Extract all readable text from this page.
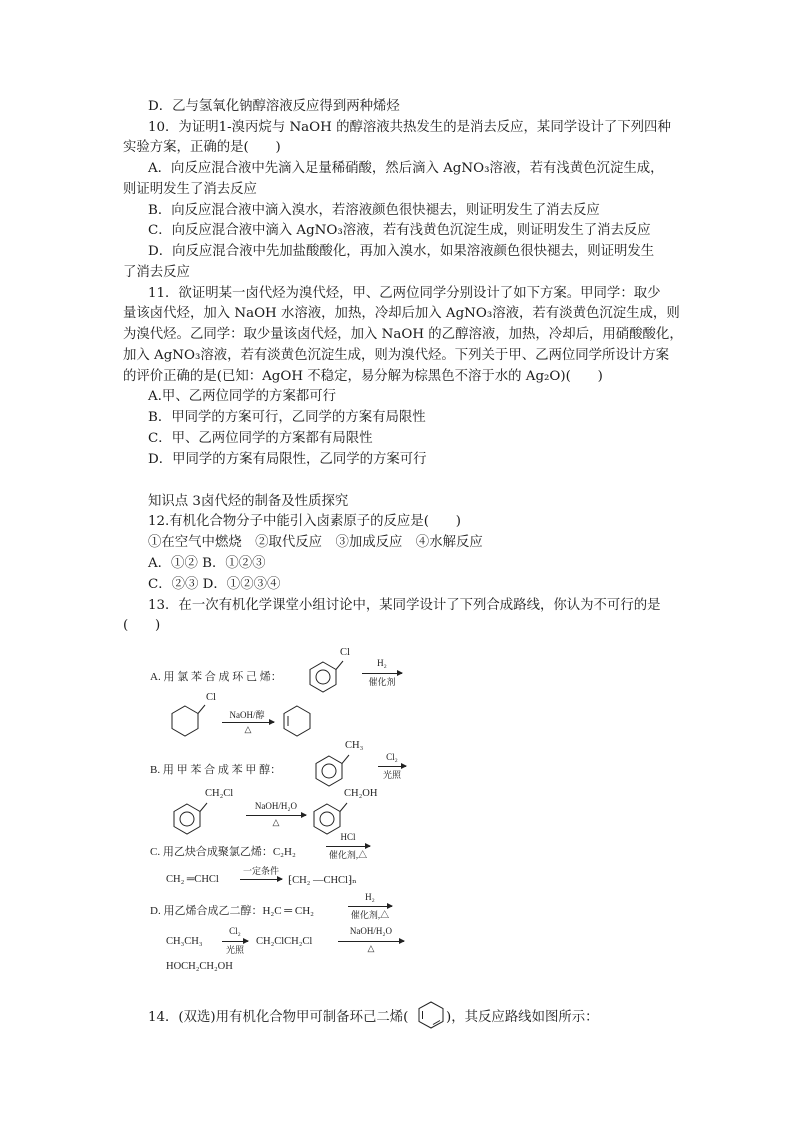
D．乙与氢氧化钠醇溶液反应得到两种烯烃
10．为证明1-溴丙烷与 NaOH 的醇溶液共热发生的是消去反应，某同学设计了下列四种
实验方案，正确的是(　　)
A．向反应混合液中先滴入足量稀硝酸，然后滴入 AgNO₃溶液，若有浅黄色沉淀生成，
则证明发生了消去反应
B．向反应混合液中滴入溴水，若溶液颜色很快褪去，则证明发生了消去反应
C．向反应混合液中滴入 AgNO₃溶液，若有浅黄色沉淀生成，则证明发生了消去反应
D．向反应混合液中先加盐酸酸化，再加入溴水，如果溶液颜色很快褪去，则证明发生
了消去反应
11．欲证明某一卤代烃为溴代烃，甲、乙两位同学分别设计了如下方案。甲同学：取少
量该卤代烃，加入 NaOH 水溶液，加热，冷却后加入 AgNO₃溶液，若有淡黄色沉淀生成，则
为溴代烃。乙同学：取少量该卤代烃，加入 NaOH 的乙醇溶液，加热，冷却后，用硝酸酸化，
加入 AgNO₃溶液，若有淡黄色沉淀生成，则为溴代烃。下列关于甲、乙两位同学所设计方案
的评价正确的是(已知：AgOH 不稳定，易分解为棕黑色不溶于水的 Ag₂O)(　　)
A.甲、乙两位同学的方案都可行
B．甲同学的方案可行，乙同学的方案有局限性
C．甲、乙两位同学的方案都有局限性
D．甲同学的方案有局限性，乙同学的方案可行
知识点 3卤代烃的制备及性质探究
12.有机化合物分子中能引入卤素原子的反应是(　　)
①在空气中燃烧　②取代反应　③加成反应　④水解反应
A．①② B．①②③
C．②③ D．①②③④
13．在一次有机化学课堂小组讨论中，某同学设计了下列合成路线，你认为不可行的是
(　　)
A. 用 氯 苯 合 成 环 己 烯：
Cl
H₂
催化剂
Cl
NaOH/醇
△
B. 用 甲 苯 合 成 苯 甲 醇：
CH₃
Cl₂
光照
CH₂Cl
NaOH/H₂O
△
CH₂OH
C. 用乙炔合成聚氯乙烯：C₂H₂
HCl
催化剂,△
CH₂ ═CHCl
一定条件
⁅CH₂ —CHCl⁆ₙ
D. 用乙烯合成乙二醇：H₂C ═ CH₂
H₂
催化剂,△
CH₃CH₃
Cl₂
光照
CH₂ClCH₂Cl
NaOH/H₂O
△
HOCH₂CH₂OH
14．(双选)用有机化合物甲可制备环己二烯(	)，其反应路线如图所示：
